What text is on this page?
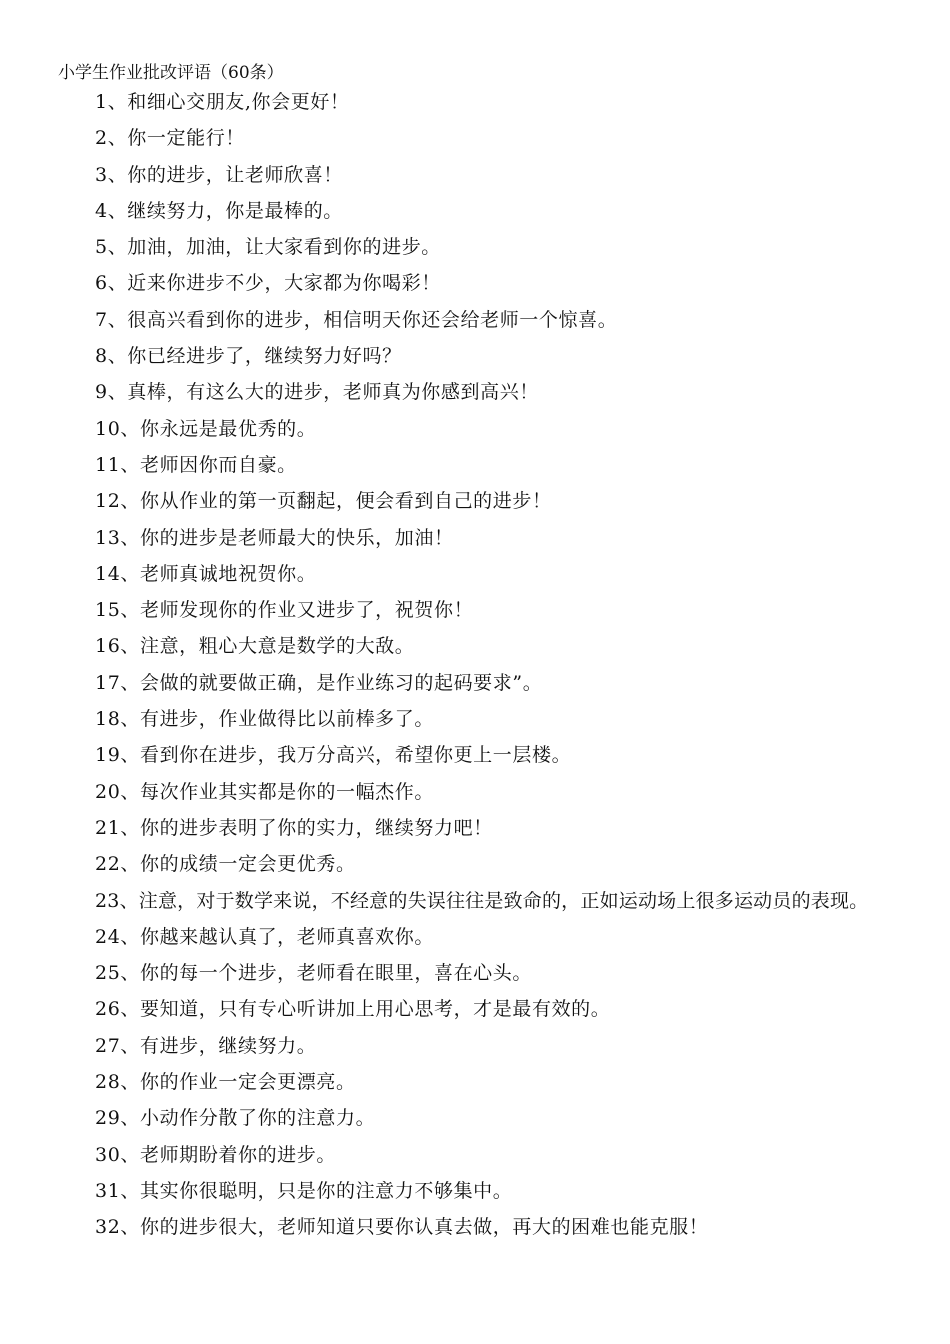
小学生作业批改评语（60条）
1、和细心交朋友,你会更好！
2、你一定能行！
3、你的进步，让老师欣喜！
4、继续努力，你是最棒的。
5、加油，加油，让大家看到你的进步。
6、近来你进步不少，大家都为你喝彩！
7、很高兴看到你的进步，相信明天你还会给老师一个惊喜。
8、你已经进步了，继续努力好吗？
9、真棒，有这么大的进步，老师真为你感到高兴！
10、你永远是最优秀的。
11、老师因你而自豪。
12、你从作业的第一页翻起，便会看到自己的进步！
13、你的进步是老师最大的快乐，加油！
14、老师真诚地祝贺你。
15、老师发现你的作业又进步了，祝贺你！
16、注意，粗心大意是数学的大敌。
17、会做的就要做正确，是作业练习的起码要求”。
18、有进步，作业做得比以前棒多了。
19、看到你在进步，我万分高兴，希望你更上一层楼。
20、每次作业其实都是你的一幅杰作。
21、你的进步表明了你的实力，继续努力吧！
22、你的成绩一定会更优秀。
23、注意，对于数学来说，不经意的失误往往是致命的，正如运动场上很多运动员的表现。
24、你越来越认真了，老师真喜欢你。
25、你的每一个进步，老师看在眼里，喜在心头。
26、要知道，只有专心听讲加上用心思考，才是最有效的。
27、有进步，继续努力。
28、你的作业一定会更漂亮。
29、小动作分散了你的注意力。
30、老师期盼着你的进步。
31、其实你很聪明，只是你的注意力不够集中。
32、你的进步很大，老师知道只要你认真去做，再大的困难也能克服！
